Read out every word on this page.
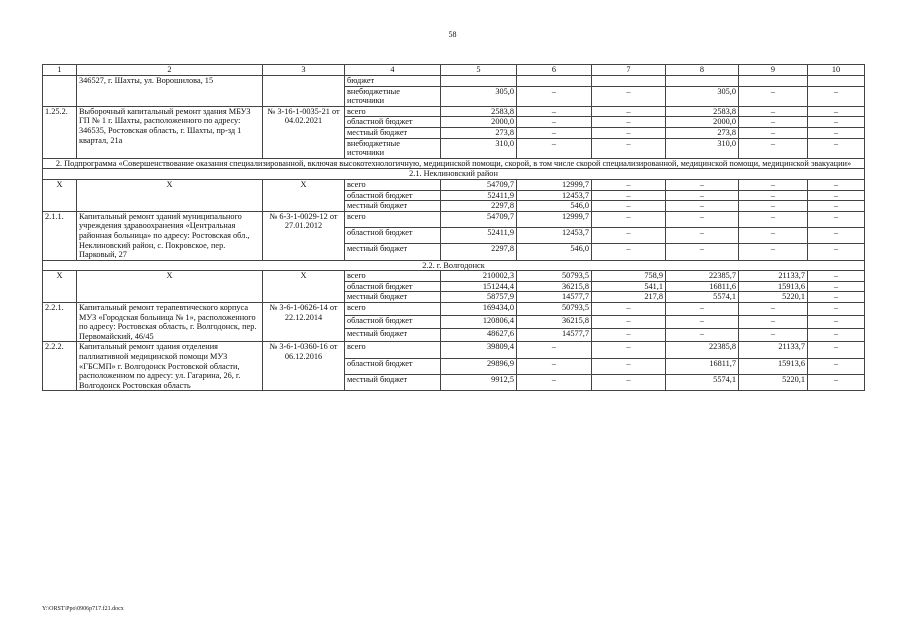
58
1	2	3	4	5	6	7	8	9	10
	346527, г. Шахты, ул. Ворошилова, 15		бюджет						
			внебюджетные источники	305,0	–	–	305,0	–	–
1.25.2.	Выборочный капитальный ремонт здания МБУЗ ГП № 1 г. Шахты, расположенного по адресу: 346535, Ростовская область, г. Шахты, пр-зд 1 квартал, 21а	№ 3-16-1-0035-21 от 04.02.2021	всего	2583,8	–	–	2583,8	–	–
			областной бюджет	2000,0	–	–	2000,0	–	–
			местный бюджет	273,8	–	–	273,8	–	–
			внебюджетные источники	310,0	–	–	310,0	–	–
2. Подпрограмма «Совершенствование оказания специализированной, включая высокотехнологичную, медицинской помощи, скорой, в том числе скорой специализированной, медицинской помощи, медицинской эвакуации»									
2.1. Неклиновский район									
Х	Х	Х	всего	54709,7	12999,7	–	–	–	–
			областной бюджет	52411,9	12453,7	–	–	–	–
			местный бюджет	2297,8	546,0	–	–	–	–
2.1.1.	Капитальный ремонт зданий муниципального учреждения здравоохранения «Центральная районная больница» по адресу: Ростовская обл., Неклиновский район, с. Покровское, пер. Парковый, 27	№ 6-3-1-0029-12 от 27.01.2012	всего	54709,7	12999,7	–	–	–	–
			областной бюджет	52411,9	12453,7	–	–	–	–
			местный бюджет	2297,8	546,0	–	–	–	–
2.2. г. Волгодонск									
Х	Х	Х	всего	210002,3	50793,5	758,9	22385,7	21133,7	–
			областной бюджет	151244,4	36215,8	541,1	16811,6	15913,6	–
			местный бюджет	58757,9	14577,7	217,8	5574,1	5220,1	–
2.2.1.	Капитальный ремонт терапевтического корпуса МУЗ «Городская больница № 1», расположенного по адресу: Ростовская область, г. Волгодонск, пер. Первомайский, 46/45	№ 3-6-1-0626-14 от 22.12.2014	всего	169434,0	50793,5	–	–	–	–
			областной бюджет	120806,4	36215,8	–	–	–	–
			местный бюджет	48627,6	14577,7	–	–	–	–
2.2.2.	Капитальный ремонт здания отделения паллиативной медицинской помощи МУЗ «ГБСМП» г. Волгодонск Ростовской области, расположенном по адресу: ул. Гагарина, 26, г. Волгодонск Ростовская область	№ 3-6-1-0360-16 от 06.12.2016	всего	39809,4	–	–	22385,8	21133,7	–
			областной бюджет	29896,9	–	–	16811,7	15913,6	–
			местный бюджет	9912,5	–	–	5574,1	5220,1	–
Y:\ORST\Ppo\0906p717.f21.docx
